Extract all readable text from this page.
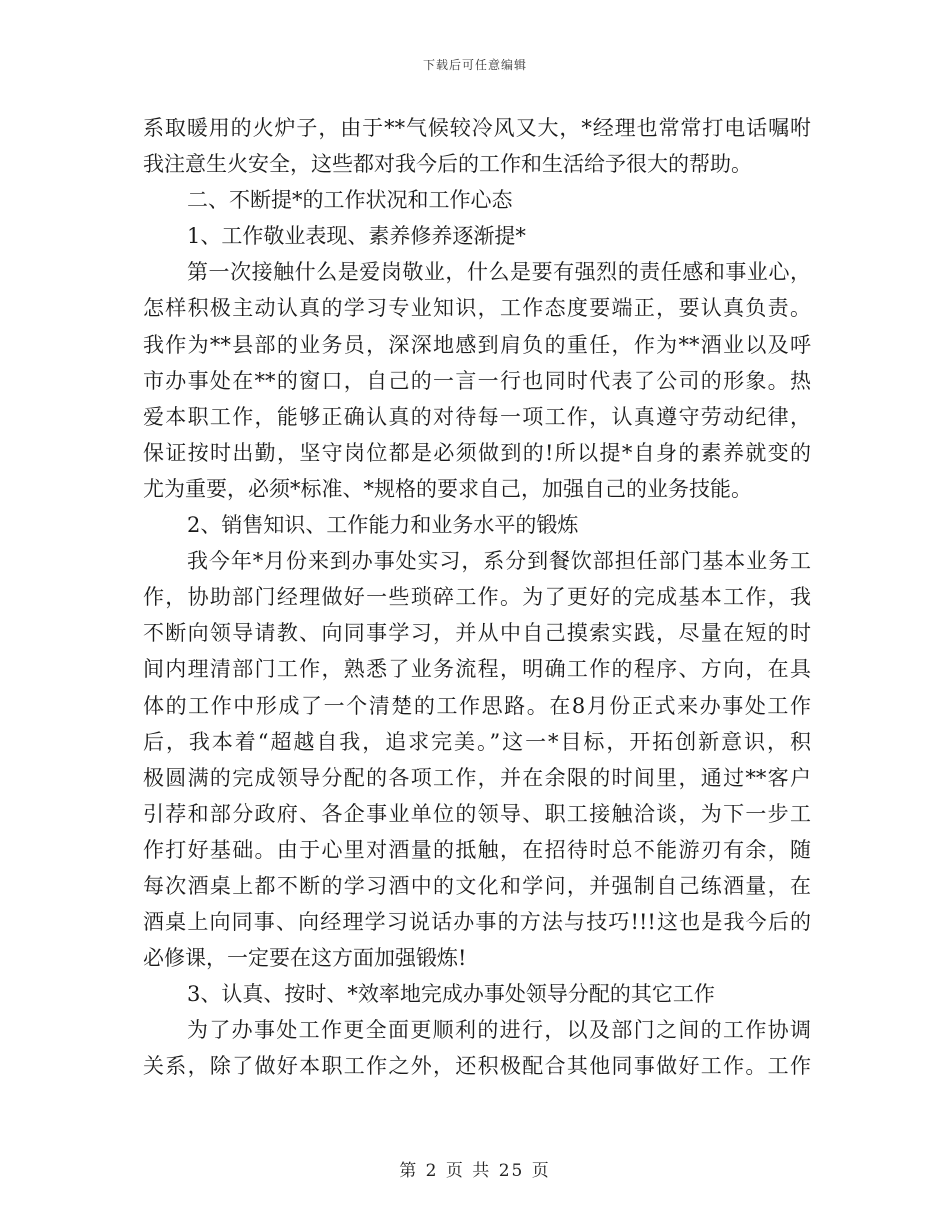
下载后可任意编辑
系取暖用的火炉子，由于**气候较冷风又大，*经理也常常打电话嘱咐
我注意生火安全，这些都对我今后的工作和生活给予很大的帮助。
二、不断提*的工作状况和工作心态
1、工作敬业表现、素养修养逐渐提*
第一次接触什么是爱岗敬业，什么是要有强烈的责任感和事业心，
怎样积极主动认真的学习专业知识，工作态度要端正，要认真负责。
我作为**县部的业务员，深深地感到肩负的重任，作为**酒业以及呼
市办事处在**的窗口，自己的一言一行也同时代表了公司的形象。热
爱本职工作，能够正确认真的对待每一项工作，认真遵守劳动纪律，
保证按时出勤，坚守岗位都是必须做到的!所以提*自身的素养就变的
尤为重要，必须*标准、*规格的要求自己，加强自己的业务技能。
2、销售知识、工作能力和业务水平的锻炼
我今年*月份来到办事处实习，系分到餐饮部担任部门基本业务工
作，协助部门经理做好一些琐碎工作。为了更好的完成基本工作，我
不断向领导请教、向同事学习，并从中自己摸索实践，尽量在短的时
间内理清部门工作，熟悉了业务流程，明确工作的程序、方向，在具
体的工作中形成了一个清楚的工作思路。在8月份正式来办事处工作
后，我本着“超越自我，追求完美。”这一*目标，开拓创新意识，积
极圆满的完成领导分配的各项工作，并在余限的时间里，通过**客户
引荐和部分政府、各企事业单位的领导、职工接触洽谈，为下一步工
作打好基础。由于心里对酒量的抵触，在招待时总不能游刃有余，随
每次酒桌上都不断的学习酒中的文化和学问，并强制自己练酒量，在
酒桌上向同事、向经理学习说话办事的方法与技巧!!!这也是我今后的
必修课，一定要在这方面加强锻炼!
3、认真、按时、*效率地完成办事处领导分配的其它工作
为了办事处工作更全面更顺利的进行，以及部门之间的工作协调
关系，除了做好本职工作之外，还积极配合其他同事做好工作。工作
第 2 页 共 25 页
